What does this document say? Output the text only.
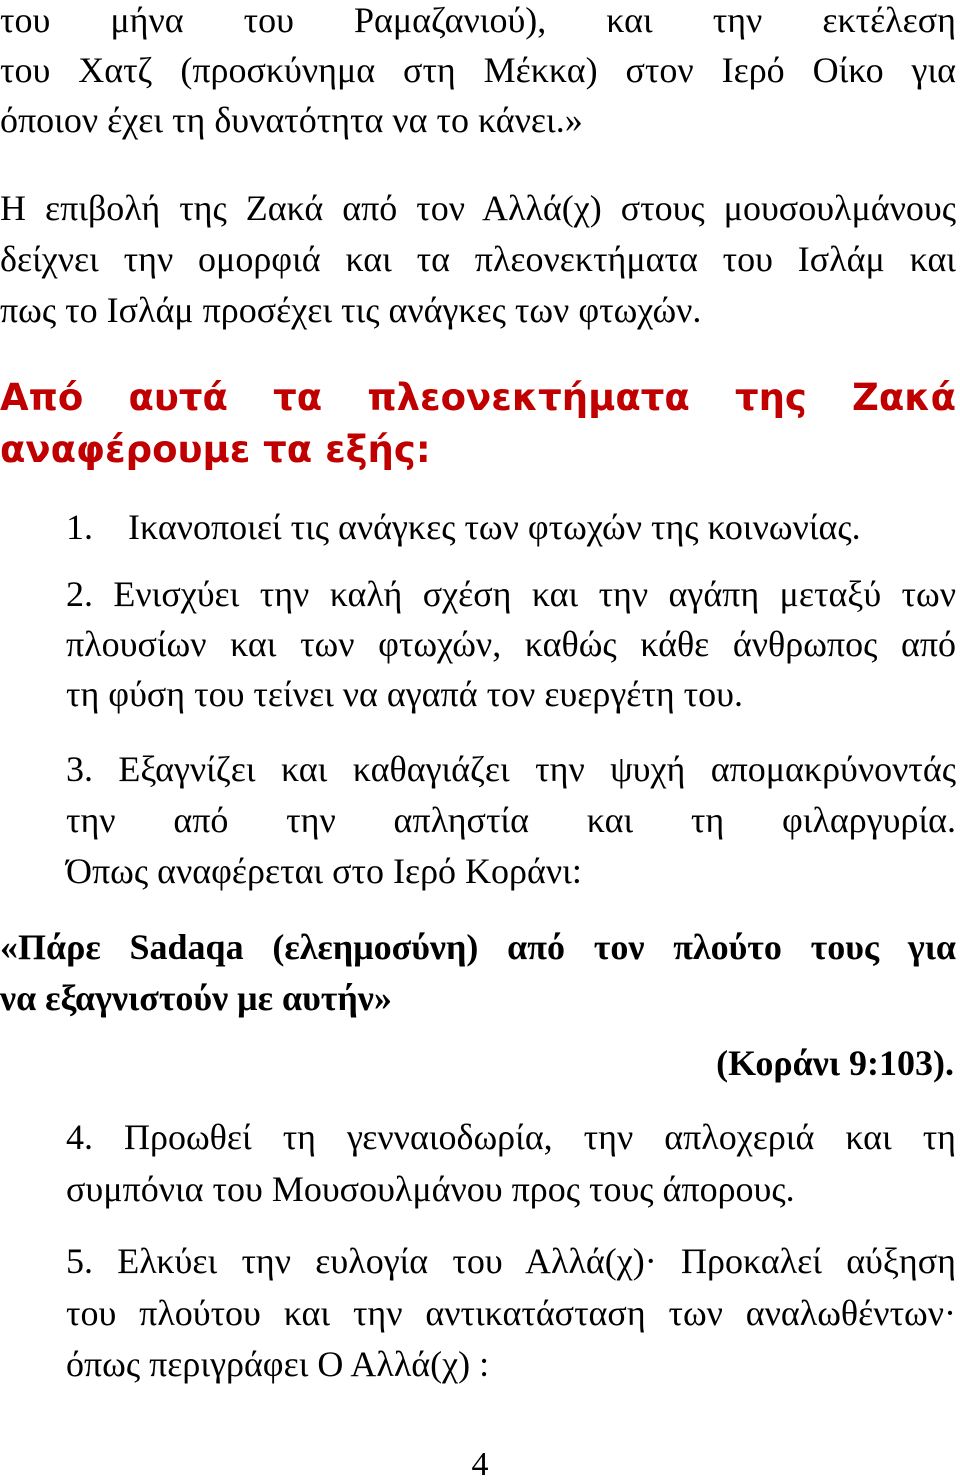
του μήνα του Ραμαζανιού), και την εκτέλεση
του Χατζ (προσκύνημα στη Μέκκα) στον Ιερό Οίκο για
όποιον έχει τη δυνατότητα να το κάνει.»
Η επιβολή της Ζακά από τον Αλλά(χ) στους μουσουλμάνους
δείχνει την ομορφιά και τα πλεονεκτήματα του Ισλάμ και
πως το Ισλάμ προσέχει τις ανάγκες των φτωχών.
Από αυτά τα πλεονεκτήματα της Ζακά
αναφέρουμε τα εξής:
1. Ικανοποιεί τις ανάγκες των φτωχών της κοινωνίας.
2. Ενισχύει την καλή σχέση και την αγάπη μεταξύ των
πλουσίων και των φτωχών, καθώς κάθε άνθρωπος από
τη φύση του τείνει να αγαπά τον ευεργέτη του.
3. Εξαγνίζει και καθαγιάζει την ψυχή απομακρύνοντάς
την από την απληστία και τη φιλαργυρία.
Όπως αναφέρεται στο Ιερό Κοράνι:
«Πάρε Sadaqa (ελεημοσύνη) από τον πλούτο τους για
να εξαγνιστούν με αυτήν»
(Κοράνι 9:103).
4. Προωθεί τη γενναιοδωρία, την απλοχεριά και τη
συμπόνια του Μουσουλμάνου προς τους άπορους.
5. Ελκύει την ευλογία του Αλλά(χ)· Προκαλεί αύξηση
του πλούτου και την αντικατάσταση των αναλωθέντων·
όπως περιγράφει Ο Αλλά(χ) :
4
